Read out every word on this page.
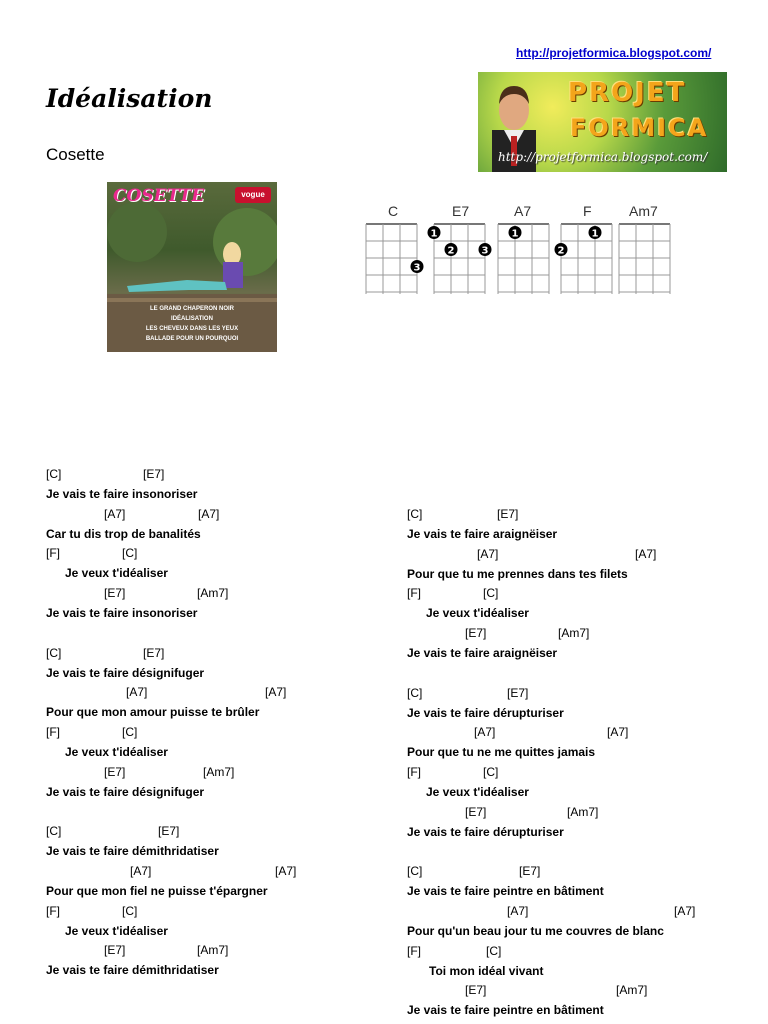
http://projetformica.blogspot.com/
Idéalisation
Cosette
PROJET
FORMICA
http://projetformica.blogspot.com/
COSETTE	vogue
LE GRAND CHAPERON NOIR
IDÉALISATION
LES CHEVEUX DANS LES YEUX
BALLADE POUR UN POURQUOI
C	E7	A7	F	Am7
3
1
2	3
1
2
1
[C]	[E7]
Je vais te faire insonoriser
[A7]	[A7]
Car tu dis trop de banalités
[F]	[C]
Je veux t'idéaliser
[E7]	[Am7]
Je vais te faire insonoriser
[C]	[E7]
Je vais te faire désignifuger
[A7]	[A7]
Pour que mon amour puisse te brûler
[F]	[C]
Je veux t'idéaliser
[E7]	[Am7]
Je vais te faire désignifuger
[C]	[E7]
Je vais te faire démithridatiser
[A7]	[A7]
Pour que mon fiel ne puisse t'épargner
[F]	[C]
Je veux t'idéaliser
[E7]	[Am7]
Je vais te faire démithridatiser
[C]	[E7]
Je vais te faire araignëiser
[A7]	[A7]
Pour que tu me prennes dans tes filets
[F]	[C]
Je veux t'idéaliser
[E7]	[Am7]
Je vais te faire araignëiser
[C]	[E7]
Je vais te faire dérupturiser
[A7]	[A7]
Pour que tu ne me quittes jamais
[F]	[C]
Je veux t'idéaliser
[E7]	[Am7]
Je vais te faire dérupturiser
[C]	[E7]
Je vais te faire peintre en bâtiment
[A7]	[A7]
Pour qu'un beau jour tu me couvres de blanc
[F]	[C]
Toi mon idéal vivant
[E7]	[Am7]
Je vais te faire peintre en bâtiment
